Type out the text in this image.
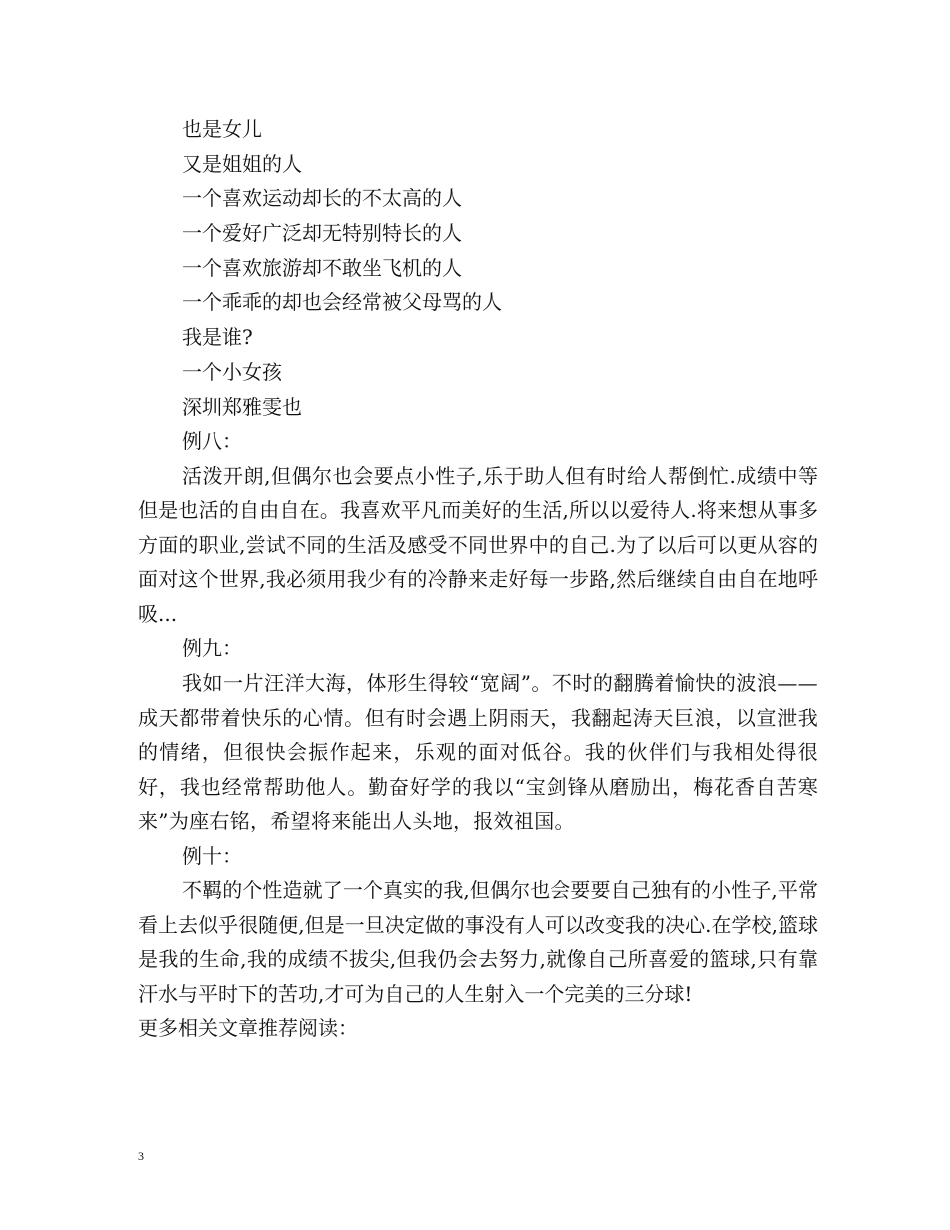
也是女儿
又是姐姐的人
一个喜欢运动却长的不太高的人
一个爱好广泛却无特别特长的人
一个喜欢旅游却不敢坐飞机的人
一个乖乖的却也会经常被父母骂的人
我是谁?
一个小女孩
深圳郑雅雯也
例八：

活泼开朗,但偶尔也会要点小性子,乐于助人但有时给人帮倒忙.成绩中等但是也活的自由自在。我喜欢平凡而美好的生活,所以以爱待人.将来想从事多方面的职业,尝试不同的生活及感受不同世界中的自己.为了以后可以更从容的面对这个世界,我必须用我少有的冷静来走好每一步路,然后继续自由自在地呼吸...

例九：

我如一片汪洋大海，体形生得较“宽阔”。不时的翻腾着愉快的波浪——成天都带着快乐的心情。但有时会遇上阴雨天，我翻起涛天巨浪，以宣泄我的情绪，但很快会振作起来，乐观的面对低谷。我的伙伴们与我相处得很好，我也经常帮助他人。勤奋好学的我以“宝剑锋从磨励出，梅花香自苦寒来”为座右铭，希望将来能出人头地，报效祖国。

例十：

不羁的个性造就了一个真实的我,但偶尔也会要要自己独有的小性子,平常看上去似乎很随便,但是一旦决定做的事没有人可以改变我的决心.在学校,篮球是我的生命,我的成绩不拔尖,但我仍会去努力,就像自己所喜爱的篮球,只有靠汗水与平时下的苦功,才可为自己的人生射入一个完美的三分球!

更多相关文章推荐阅读：
3
